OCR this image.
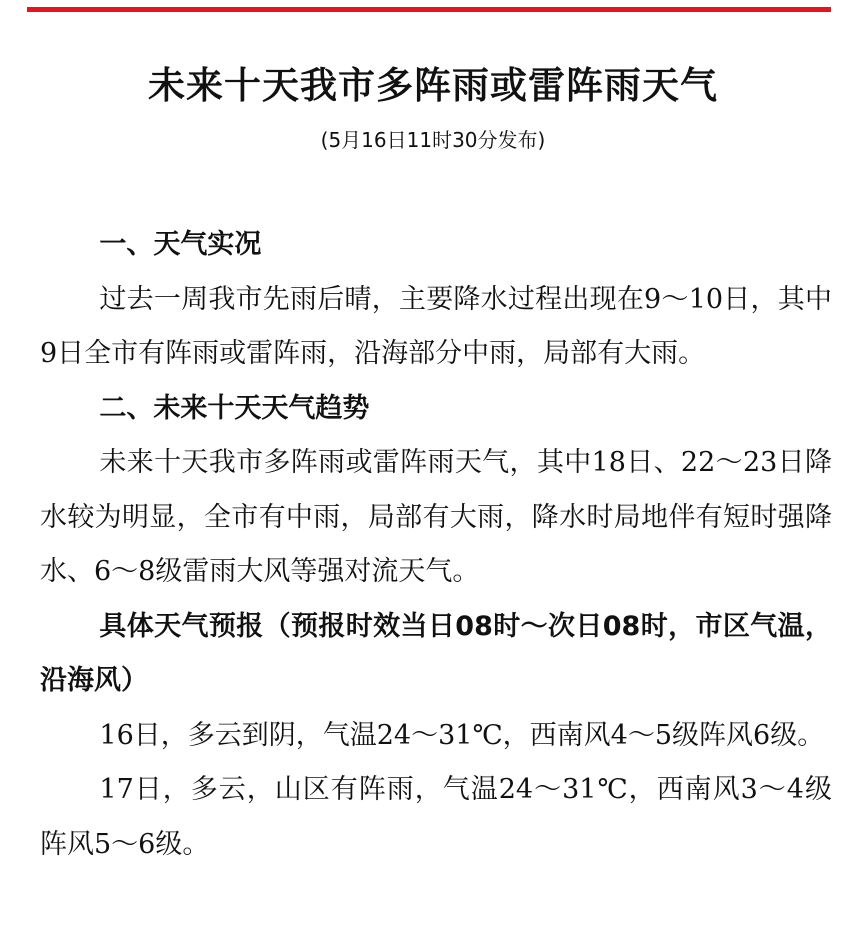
未来十天我市多阵雨或雷阵雨天气
(5月16日11时30分发布)

一、天气实况

过去一周我市先雨后晴，主要降水过程出现在9～10日，其中9日全市有阵雨或雷阵雨，沿海部分中雨，局部有大雨。

二、未来十天天气趋势

未来十天我市多阵雨或雷阵雨天气，其中18日、22～23日降水较为明显，全市有中雨，局部有大雨，降水时局地伴有短时强降水、6～8级雷雨大风等强对流天气。

具体天气预报（预报时效当日08时～次日08时，市区气温，沿海风）

16日，多云到阴，气温24～31℃，西南风4～5级阵风6级。

17日，多云，山区有阵雨，气温24～31℃，西南风3～4级阵风5～6级。
